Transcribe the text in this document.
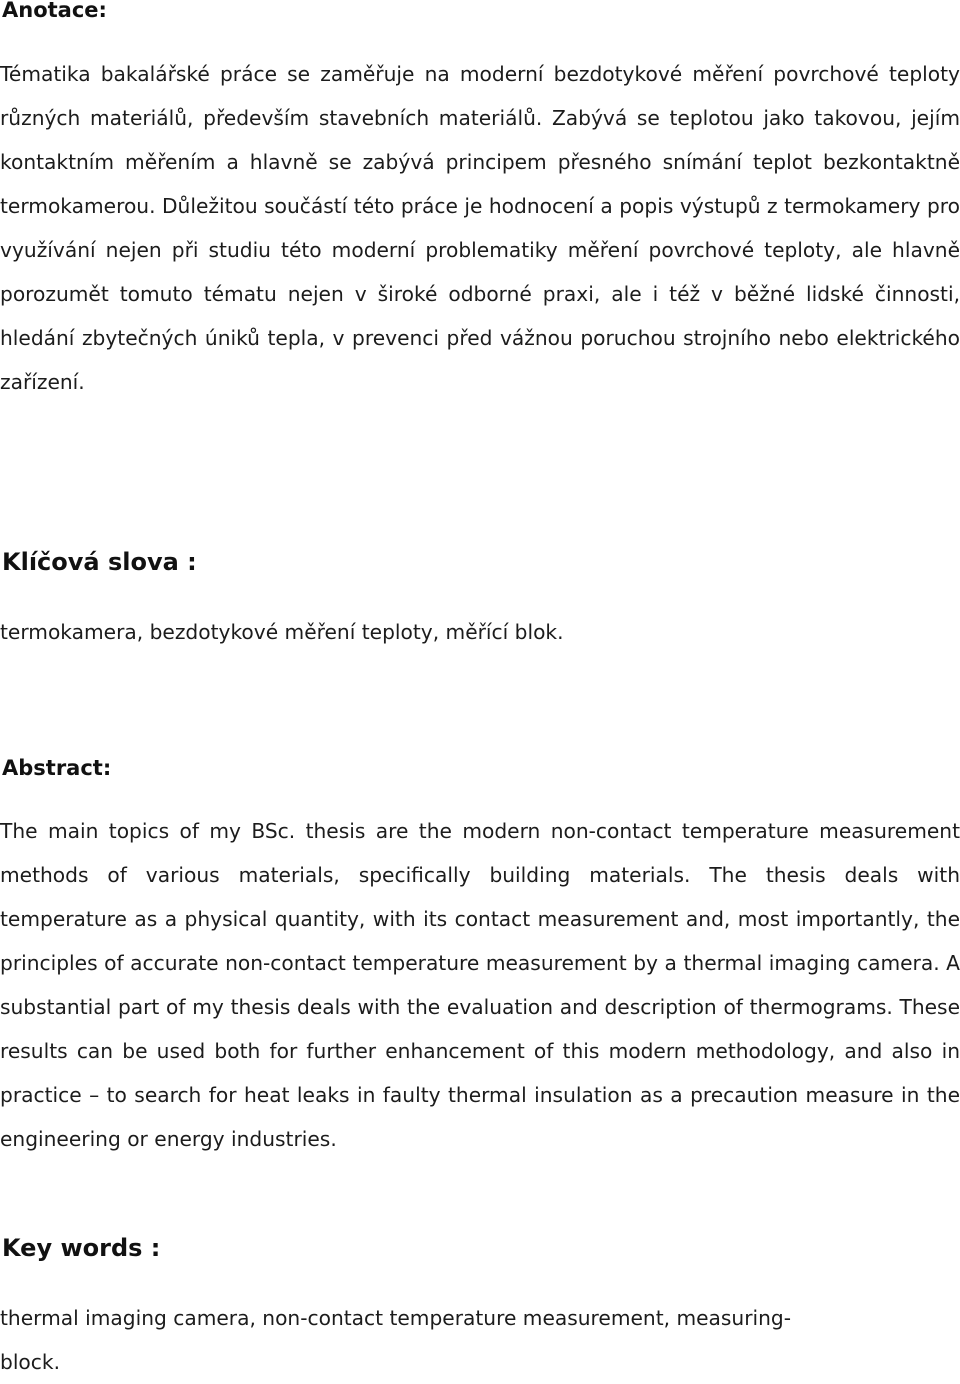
Anotace:

Tématika bakalářské práce se zaměřuje na moderní bezdotykové měření povrchové teploty různých materiálů, především stavebních materiálů. Zabývá se teplotou jako takovou, jejím kontaktním měřením a hlavně se zabývá principem přesného snímání teplot bezkontaktně termokamerou. Důležitou součástí této práce je hodnocení a popis výstupů z termokamery pro využívání nejen při studiu této moderní problematiky měření povrchové teploty, ale hlavně porozumět tomuto tématu nejen v široké odborné praxi, ale i též v běžné lidské činnosti, hledání zbytečných úniků tepla, v prevenci před vážnou poruchou strojního nebo elektrického zařízení.

Klíčová slova :

termokamera, bezdotykové měření teploty, měřící blok.

Abstract:

The main topics of my BSc. thesis are the modern non-contact temperature measurement methods of various materials, specifically building materials. The thesis deals with temperature as a physical quantity, with its contact measurement and, most importantly, the principles of accurate non-contact temperature measurement by a thermal imaging camera. A substantial part of my thesis deals with the evaluation and description of thermograms. These results can be used both for further enhancement of this modern methodology, and also in practice – to search for heat leaks in faulty thermal insulation as a precaution measure in the engineering or energy industries.

Key words :

thermal imaging camera, non-contact temperature measurement, measuring-block.
